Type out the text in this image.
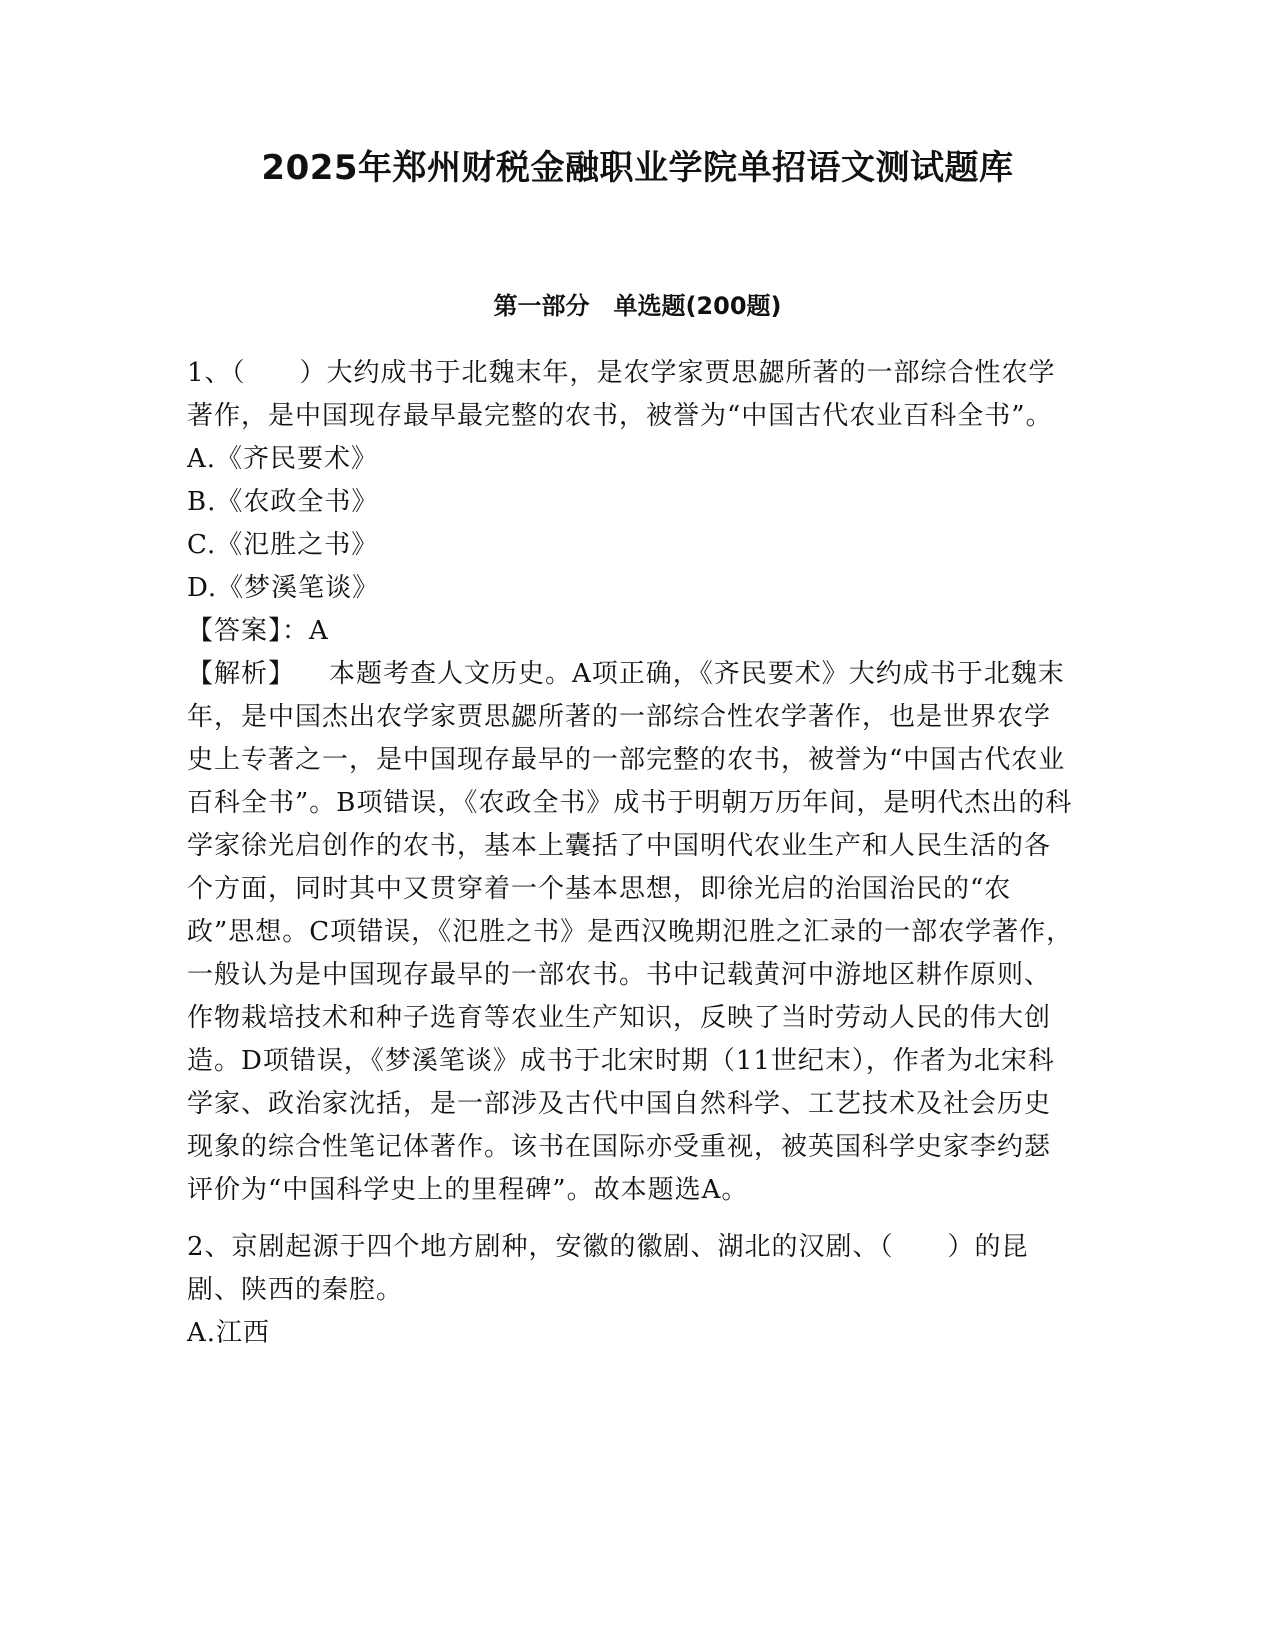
2025年郑州财税金融职业学院单招语文测试题库
第一部分　单选题(200题)

1、（　　）大约成书于北魏末年，是农学家贾思勰所著的一部综合性农学著作，是中国现存最早最完整的农书，被誉为“中国古代农业百科全书”。

A.《齐民要术》

B.《农政全书》

C.《氾胜之书》

D.《梦溪笔谈》

【答案】：A

【解析】 本题考查人文历史。A项正确，《齐民要术》大约成书于北魏末年，是中国杰出农学家贾思勰所著的一部综合性农学著作，也是世界农学史上专著之一，是中国现存最早的一部完整的农书，被誉为“中国古代农业百科全书”。B项错误，《农政全书》成书于明朝万历年间，是明代杰出的科学家徐光启创作的农书，基本上囊括了中国明代农业生产和人民生活的各个方面，同时其中又贯穿着一个基本思想，即徐光启的治国治民的“农政”思想。C项错误，《氾胜之书》是西汉晚期氾胜之汇录的一部农学著作，一般认为是中国现存最早的一部农书。书中记载黄河中游地区耕作原则、作物栽培技术和种子选育等农业生产知识，反映了当时劳动人民的伟大创造。D项错误，《梦溪笔谈》成书于北宋时期（11世纪末），作者为北宋科学家、政治家沈括，是一部涉及古代中国自然科学、工艺技术及社会历史现象的综合性笔记体著作。该书在国际亦受重视，被英国科学史家李约瑟评价为“中国科学史上的里程碑”。故本题选A。

2、京剧起源于四个地方剧种，安徽的徽剧、湖北的汉剧、（　　）的昆剧、陕西的秦腔。

A.江西
